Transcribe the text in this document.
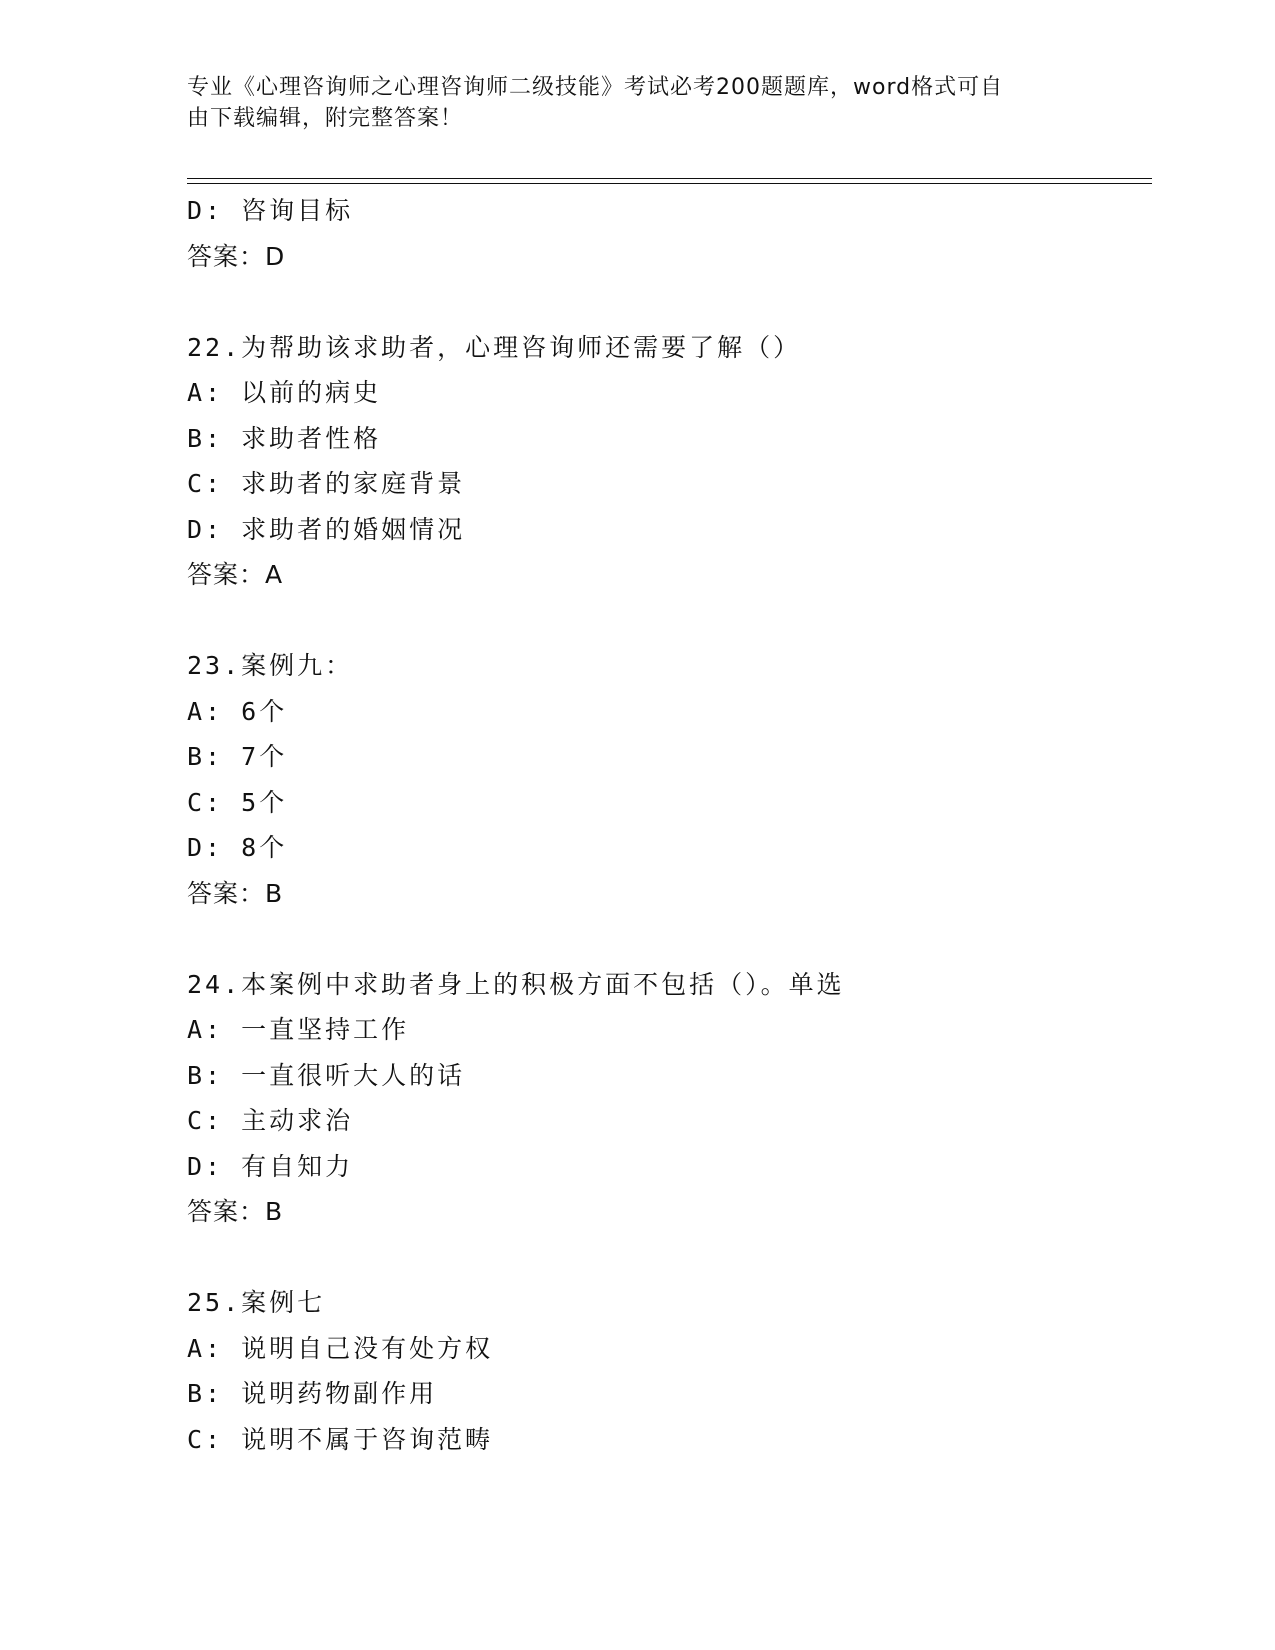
专业《心理咨询师之心理咨询师二级技能》考试必考200题题库，word格式可自
由下载编辑，附完整答案！
D: 咨询目标
答案：D
22.为帮助该求助者，心理咨询师还需要了解（）
A: 以前的病史
B: 求助者性格
C: 求助者的家庭背景
D: 求助者的婚姻情况
答案：A
23.案例九：
A: 6个
B: 7个
C: 5个
D: 8个
答案：B
24.本案例中求助者身上的积极方面不包括（）。单选
A: 一直坚持工作
B: 一直很听大人的话
C: 主动求治
D: 有自知力
答案：B
25.案例七
A: 说明自己没有处方权
B: 说明药物副作用
C: 说明不属于咨询范畴
